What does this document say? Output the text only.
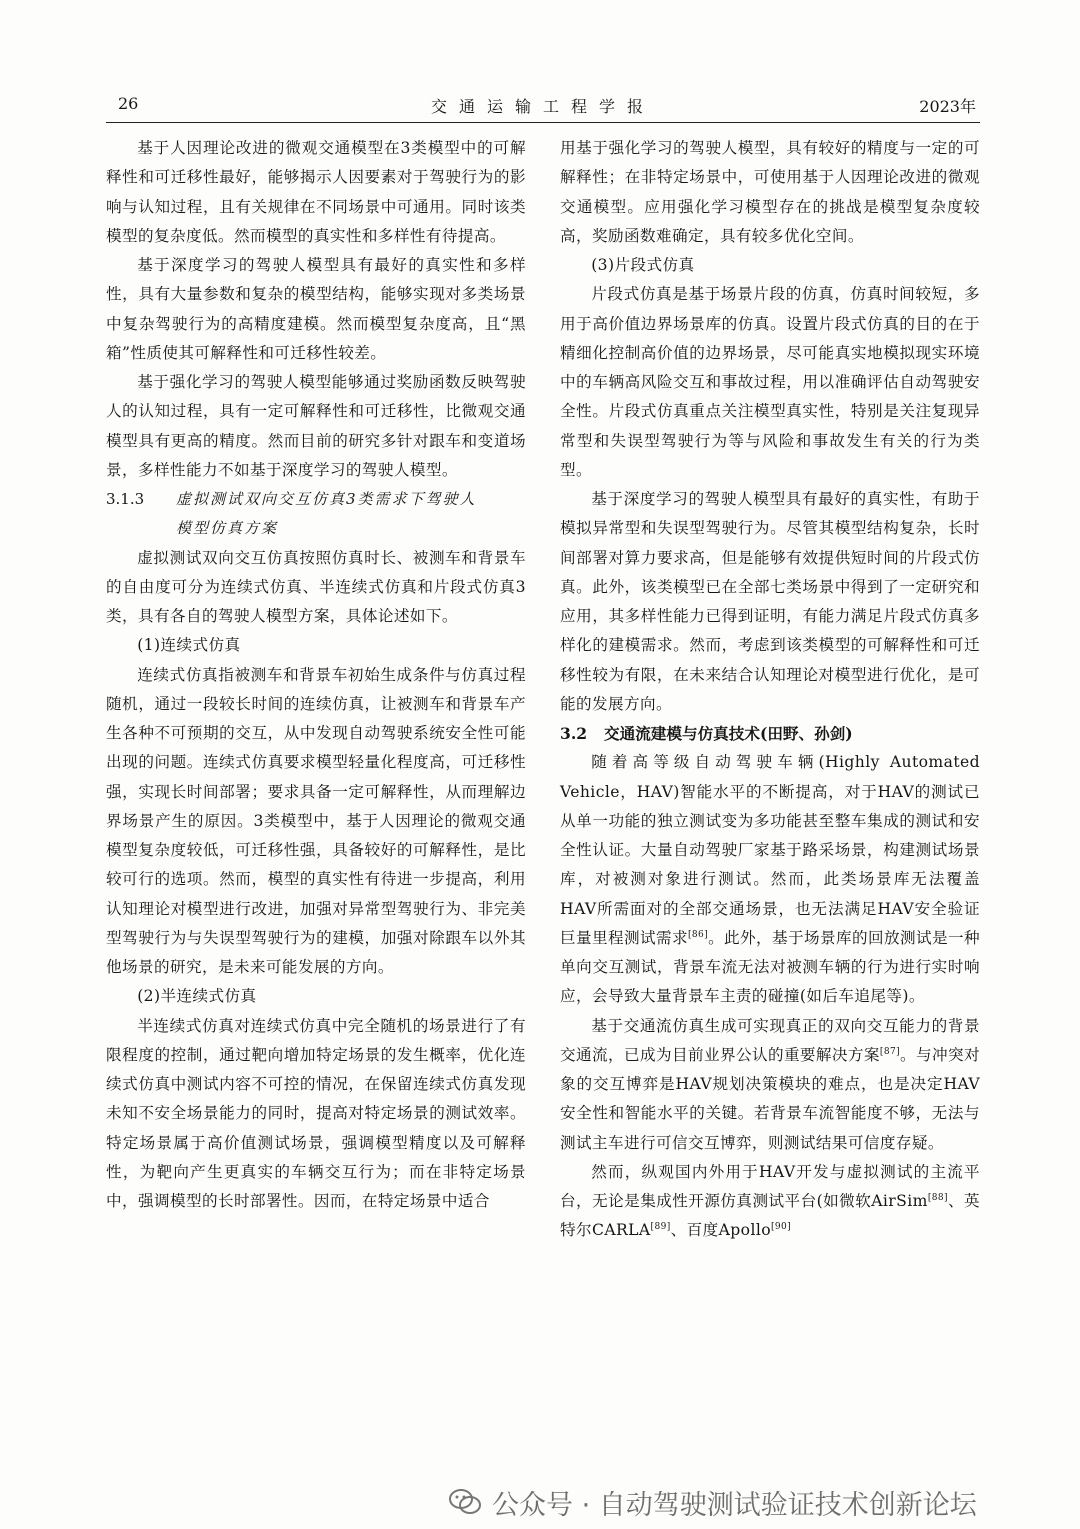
26	交通运输工程学报	2023年

基于人因理论改进的微观交通模型在3类模型中的可解释性和可迁移性最好，能够揭示人因要素对于驾驶行为的影响与认知过程，且有关规律在不同场景中可通用。同时该类模型的复杂度低。然而模型的真实性和多样性有待提高。

基于深度学习的驾驶人模型具有最好的真实性和多样性，具有大量参数和复杂的模型结构，能够实现对多类场景中复杂驾驶行为的高精度建模。然而模型复杂度高，且“黑箱”性质使其可解释性和可迁移性较差。

基于强化学习的驾驶人模型能够通过奖励函数反映驾驶人的认知过程，具有一定可解释性和可迁移性，比微观交通模型具有更高的精度。然而目前的研究多针对跟车和变道场景，多样性能力不如基于深度学习的驾驶人模型。

3.1.3 虚拟测试双向交互仿真3类需求下驾驶人
模型仿真方案

虚拟测试双向交互仿真按照仿真时长、被测车和背景车的自由度可分为连续式仿真、半连续式仿真和片段式仿真3类，具有各自的驾驶人模型方案，具体论述如下。

(1)连续式仿真

连续式仿真指被测车和背景车初始生成条件与仿真过程随机，通过一段较长时间的连续仿真，让被测车和背景车产生各种不可预期的交互，从中发现自动驾驶系统安全性可能出现的问题。连续式仿真要求模型轻量化程度高，可迁移性强，实现长时间部署；要求具备一定可解释性，从而理解边界场景产生的原因。3类模型中，基于人因理论的微观交通模型复杂度较低，可迁移性强，具备较好的可解释性，是比较可行的选项。然而，模型的真实性有待进一步提高，利用认知理论对模型进行改进，加强对异常型驾驶行为、非完美型驾驶行为与失误型驾驶行为的建模，加强对除跟车以外其他场景的研究，是未来可能发展的方向。

(2)半连续式仿真

半连续式仿真对连续式仿真中完全随机的场景进行了有限程度的控制，通过靶向增加特定场景的发生概率，优化连续式仿真中测试内容不可控的情况，在保留连续式仿真发现未知不安全场景能力的同时，提高对特定场景的测试效率。特定场景属于高价值测试场景，强调模型精度以及可解释性，为靶向产生更真实的车辆交互行为；而在非特定场景中，强调模型的长时部署性。因而，在特定场景中适合

用基于强化学习的驾驶人模型，具有较好的精度与一定的可解释性；在非特定场景中，可使用基于人因理论改进的微观交通模型。应用强化学习模型存在的挑战是模型复杂度较高，奖励函数难确定，具有较多优化空间。

(3)片段式仿真

片段式仿真是基于场景片段的仿真，仿真时间较短，多用于高价值边界场景库的仿真。设置片段式仿真的目的在于精细化控制高价值的边界场景，尽可能真实地模拟现实环境中的车辆高风险交互和事故过程，用以准确评估自动驾驶安全性。片段式仿真重点关注模型真实性，特别是关注复现异常型和失误型驾驶行为等与风险和事故发生有关的行为类型。

基于深度学习的驾驶人模型具有最好的真实性，有助于模拟异常型和失误型驾驶行为。尽管其模型结构复杂，长时间部署对算力要求高，但是能够有效提供短时间的片段式仿真。此外，该类模型已在全部七类场景中得到了一定研究和应用，其多样性能力已得到证明，有能力满足片段式仿真多样化的建模需求。然而，考虑到该类模型的可解释性和可迁移性较为有限，在未来结合认知理论对模型进行优化，是可能的发展方向。

3.2 交通流建模与仿真技术(田野、孙剑)

随着高等级自动驾驶车辆(Highly Automated Vehicle，HAV)智能水平的不断提高，对于HAV的测试已从单一功能的独立测试变为多功能甚至整车集成的测试和安全性认证。大量自动驾驶厂家基于路采场景，构建测试场景库，对被测对象进行测试。然而，此类场景库无法覆盖HAV所需面对的全部交通场景，也无法满足HAV安全验证巨量里程测试需求[86]。此外，基于场景库的回放测试是一种单向交互测试，背景车流无法对被测车辆的行为进行实时响应，会导致大量背景车主责的碰撞(如后车追尾等)。

基于交通流仿真生成可实现真正的双向交互能力的背景交通流，已成为目前业界公认的重要解决方案[87]。与冲突对象的交互博弈是HAV规划决策模块的难点，也是决定HAV安全性和智能水平的关键。若背景车流智能度不够，无法与测试主车进行可信交互博弈，则测试结果可信度存疑。

然而，纵观国内外用于HAV开发与虚拟测试的主流平台，无论是集成性开源仿真测试平台(如微软AirSim[88]、英特尔CARLA[89]、百度Apollo[90]

公众号 · 自动驾驶测试验证技术创新论坛
